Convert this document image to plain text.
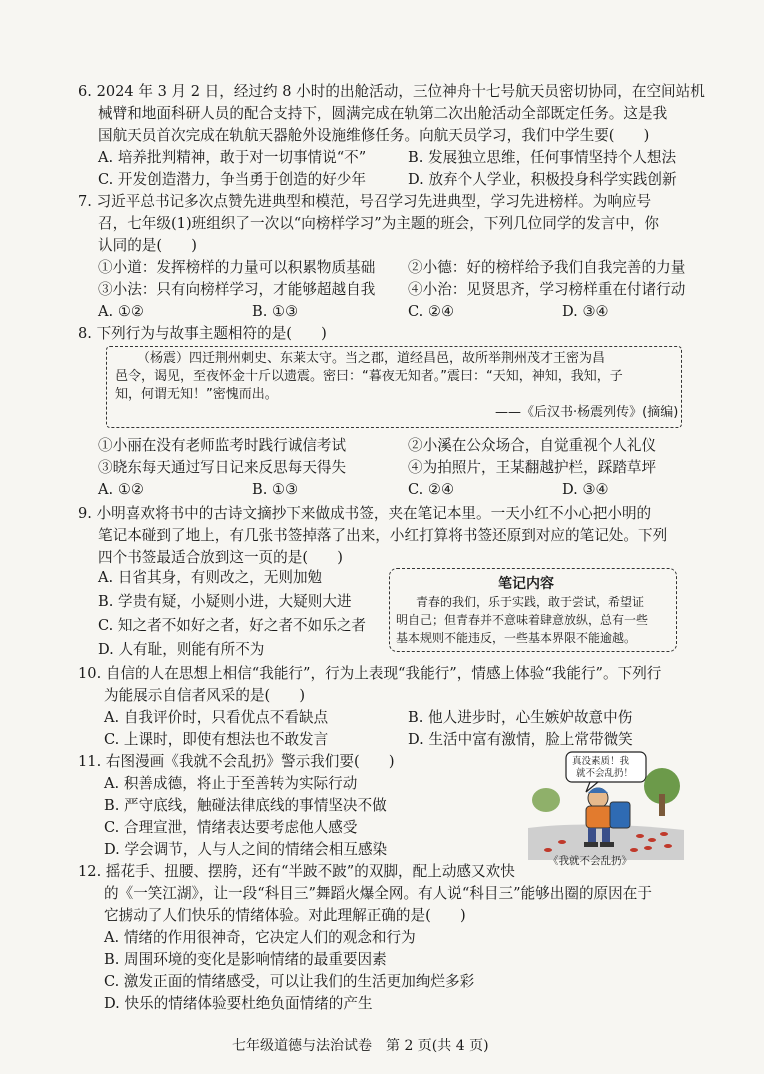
6. 2024 年 3 月 2 日，经过约 8 小时的出舱活动，三位神舟十七号航天员密切协同，在空间站机
械臂和地面科研人员的配合支持下，圆满完成在轨第二次出舱活动全部既定任务。这是我
国航天员首次完成在轨航天器舱外设施维修任务。向航天员学习，我们中学生要(　　)
A. 培养批判精神，敢于对一切事情说“不”	B. 发展独立思维，任何事情坚持个人想法
C. 开发创造潜力，争当勇于创造的好少年	D. 放弃个人学业，积极投身科学实践创新
7. 习近平总书记多次点赞先进典型和模范，号召学习先进典型，学习先进榜样。为响应号
召，七年级(1)班组织了一次以“向榜样学习”为主题的班会，下列几位同学的发言中，你
认同的是(　　)
①小道：发挥榜样的力量可以积累物质基础 ②小德：好的榜样给予我们自我完善的力量
③小法：只有向榜样学习，才能够超越自我 ④小治：见贤思齐，学习榜样重在付诸行动
A. ①②	B. ①③	C. ②④	D. ③④
8. 下列行为与故事主题相符的是(　　)
（杨震）四迁荆州刺史、东莱太守。当之郡，道经昌邑，故所举荆州茂才王密为昌
邑令，谒见，至夜怀金十斤以遗震。密曰：“暮夜无知者。”震曰：“天知，神知，我知，子
知，何谓无知！”密愧而出。
——《后汉书·杨震列传》(摘编)
①小丽在没有老师监考时践行诚信考试	②小溪在公众场合，自觉重视个人礼仪
③晓东每天通过写日记来反思每天得失	④为拍照片，王某翻越护栏，踩踏草坪
A. ①②	B. ①③	C. ②④	D. ③④
9. 小明喜欢将书中的古诗文摘抄下来做成书签，夹在笔记本里。一天小红不小心把小明的
笔记本碰到了地上，有几张书签掉落了出来，小红打算将书签还原到对应的笔记处。下列
四个书签最适合放到这一页的是(　　)
A. 日省其身，有则改之，无则加勉
B. 学贵有疑，小疑则小进，大疑则大进
C. 知之者不如好之者，好之者不如乐之者
D. 人有耻，则能有所不为
笔记内容
青春的我们，乐于实践，敢于尝试，希望证
明自己；但青春并不意味着肆意放纵，总有一些
基本规则不能违反，一些基本界限不能逾越。
10. 自信的人在思想上相信“我能行”，行为上表现“我能行”，情感上体验“我能行”。下列行
为能展示自信者风采的是(　　)
A. 自我评价时，只看优点不看缺点	B. 他人进步时，心生嫉妒故意中伤
C. 上课时，即使有想法也不敢发言	D. 生活中富有激情，脸上常带微笑
11. 右图漫画《我就不会乱扔》警示我们要(　　)
A. 积善成德，将止于至善转为实际行动
B. 严守底线，触碰法律底线的事情坚决不做
C. 合理宣泄，情绪表达要考虑他人感受
D. 学会调节，人与人之间的情绪会相互感染
真没素质！我
就不会乱扔！
《我就不会乱扔》
12. 摇花手、扭腰、摆胯，还有“半跛不跛”的双脚，配上动感又欢快
的《一笑江湖》，让一段“科目三”舞蹈火爆全网。有人说“科目三”能够出圈的原因在于
它掳动了人们快乐的情绪体验。对此理解正确的是(　　)
A. 情绪的作用很神奇，它决定人们的观念和行为
B. 周围环境的变化是影响情绪的最重要因素
C. 激发正面的情绪感受，可以让我们的生活更加绚烂多彩
D. 快乐的情绪体验要杜绝负面情绪的产生
七年级道德与法治试卷　第 2 页(共 4 页)
